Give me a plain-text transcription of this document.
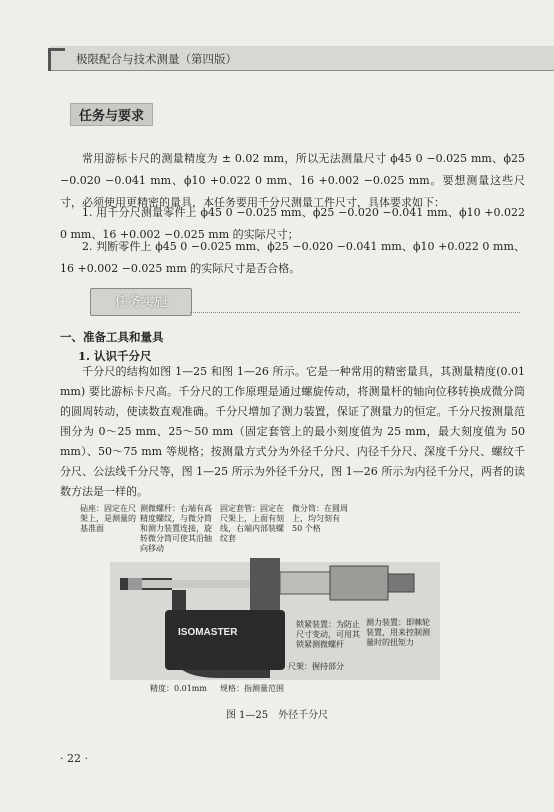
极限配合与技术测量（第四版）
任务与要求
常用游标卡尺的测量精度为 ± 0.02 mm，所以无法测量尺寸 ϕ45 0 −0.025 mm、ϕ25 −0.020 −0.041 mm、ϕ10 +0.022 0 mm、16 +0.002 −0.025 mm。要想测量这些尺寸，必须使用更精密的量具，本任务要用千分尺测量工件尺寸，具体要求如下：
1. 用千分尺测量零件上 ϕ45 0 −0.025 mm、ϕ25 −0.020 −0.041 mm、ϕ10 +0.022 0 mm、16 +0.002 −0.025 mm 的实际尺寸；
2. 判断零件上 ϕ45 0 −0.025 mm、ϕ25 −0.020 −0.041 mm、ϕ10 +0.022 0 mm、16 +0.002 −0.025 mm 的实际尺寸是否合格。
任务实施
一、准备工具和量具
1. 认识千分尺
千分尺的结构如图 1—25 和图 1—26 所示。它是一种常用的精密量具，其测量精度(0.01 mm) 要比游标卡尺高。千分尺的工作原理是通过螺旋传动，将测量杆的轴向位移转换成微分筒的圆周转动，使读数直观准确。千分尺增加了测力装置，保证了测量力的恒定。千分尺按测量范围分为 0～25 mm、25～50 mm（固定套管上的最小刻度值为 25 mm，最大刻度值为 50 mm）、50～75 mm 等规格；按测量方式分为外径千分尺、内径千分尺、深度千分尺、螺纹千分尺、公法线千分尺等，图 1—25 所示为外径千分尺，图 1—26 所示为内径千分尺，两者的读数方法是一样的。
ISOMASTER
砧座：固定在尺架上，是测量的基准面
测微螺杆：右端有高精度螺纹，与微分筒和测力装置连接，旋转微分筒可使其沿轴向移动
固定套管：固定在尺架上，上面有刻线，右端内部装螺纹套
微分筒：在圆周上，均匀刻有 50 个格
锁紧装置：为防止尺寸变动，可用其锁紧测微螺杆
测力装置：即棘轮装置，用来控制测量时的扭矩力
尺架：握持部分
精度：0.01mm	规格：指测量范围
图 1—25　外径千分尺
· 22 ·
